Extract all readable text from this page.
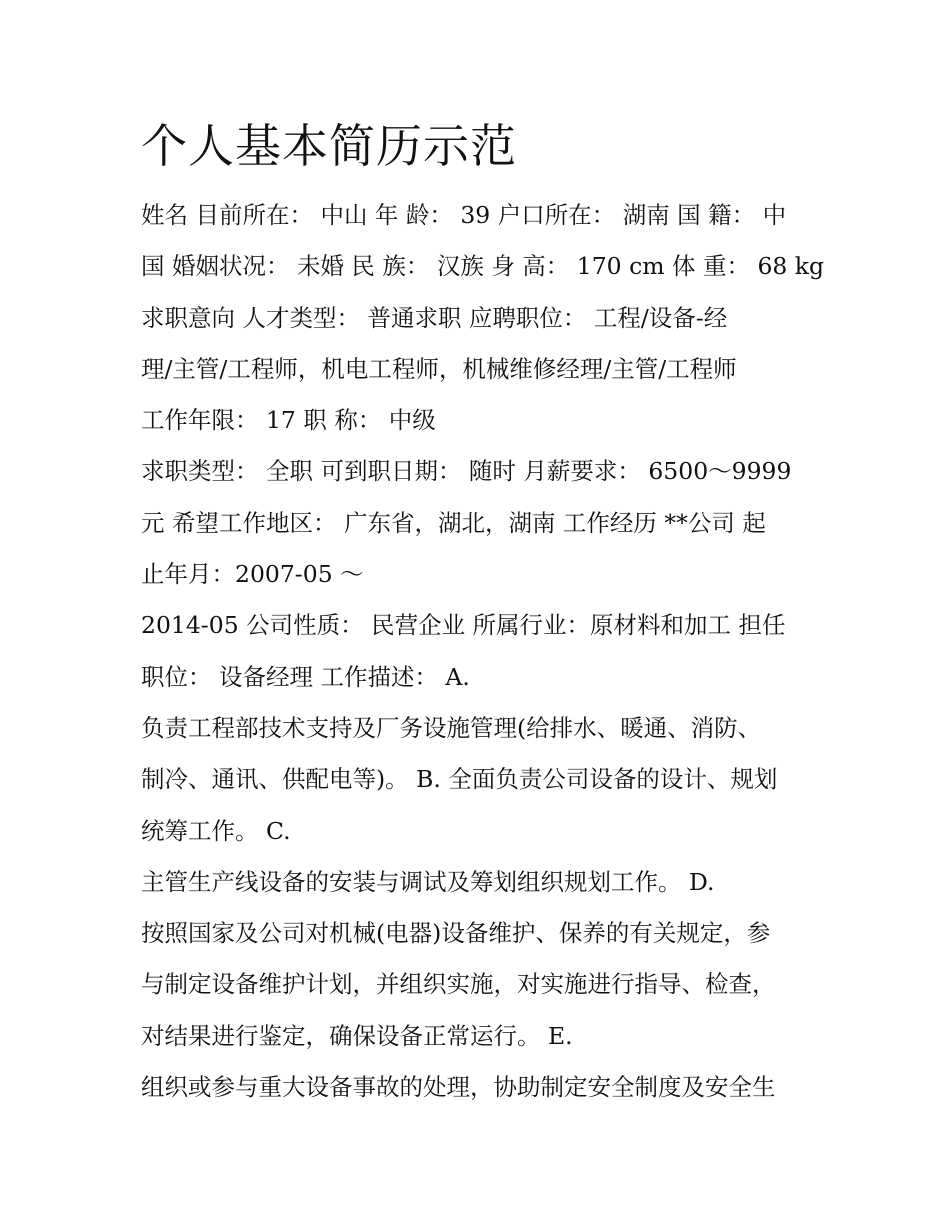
个人基本简历示范

姓名 目前所在： 中山 年 龄： 39 户口所在： 湖南 国 籍： 中

国 婚姻状况： 未婚 民 族： 汉族 身 高： 170 cm 体 重： 68 kg

求职意向 人才类型： 普通求职 应聘职位： 工程/设备-经

理/主管/工程师，机电工程师，机械维修经理/主管/工程师

工作年限： 17 职 称： 中级

求职类型： 全职 可到职日期： 随时 月薪要求： 6500～9999

元 希望工作地区： 广东省，湖北，湖南 工作经历 **公司 起

止年月：2007-05 ～

2014-05 公司性质： 民营企业 所属行业：原材料和加工 担任

职位： 设备经理 工作描述： A.

负责工程部技术支持及厂务设施管理(给排水、暖通、消防、

制冷、通讯、供配电等)。 B. 全面负责公司设备的设计、规划

统筹工作。 C.

主管生产线设备的安装与调试及筹划组织规划工作。 D.

按照国家及公司对机械(电器)设备维护、保养的有关规定，参

与制定设备维护计划，并组织实施，对实施进行指导、检查，

对结果进行鉴定，确保设备正常运行。 E.

组织或参与重大设备事故的处理，协助制定安全制度及安全生
